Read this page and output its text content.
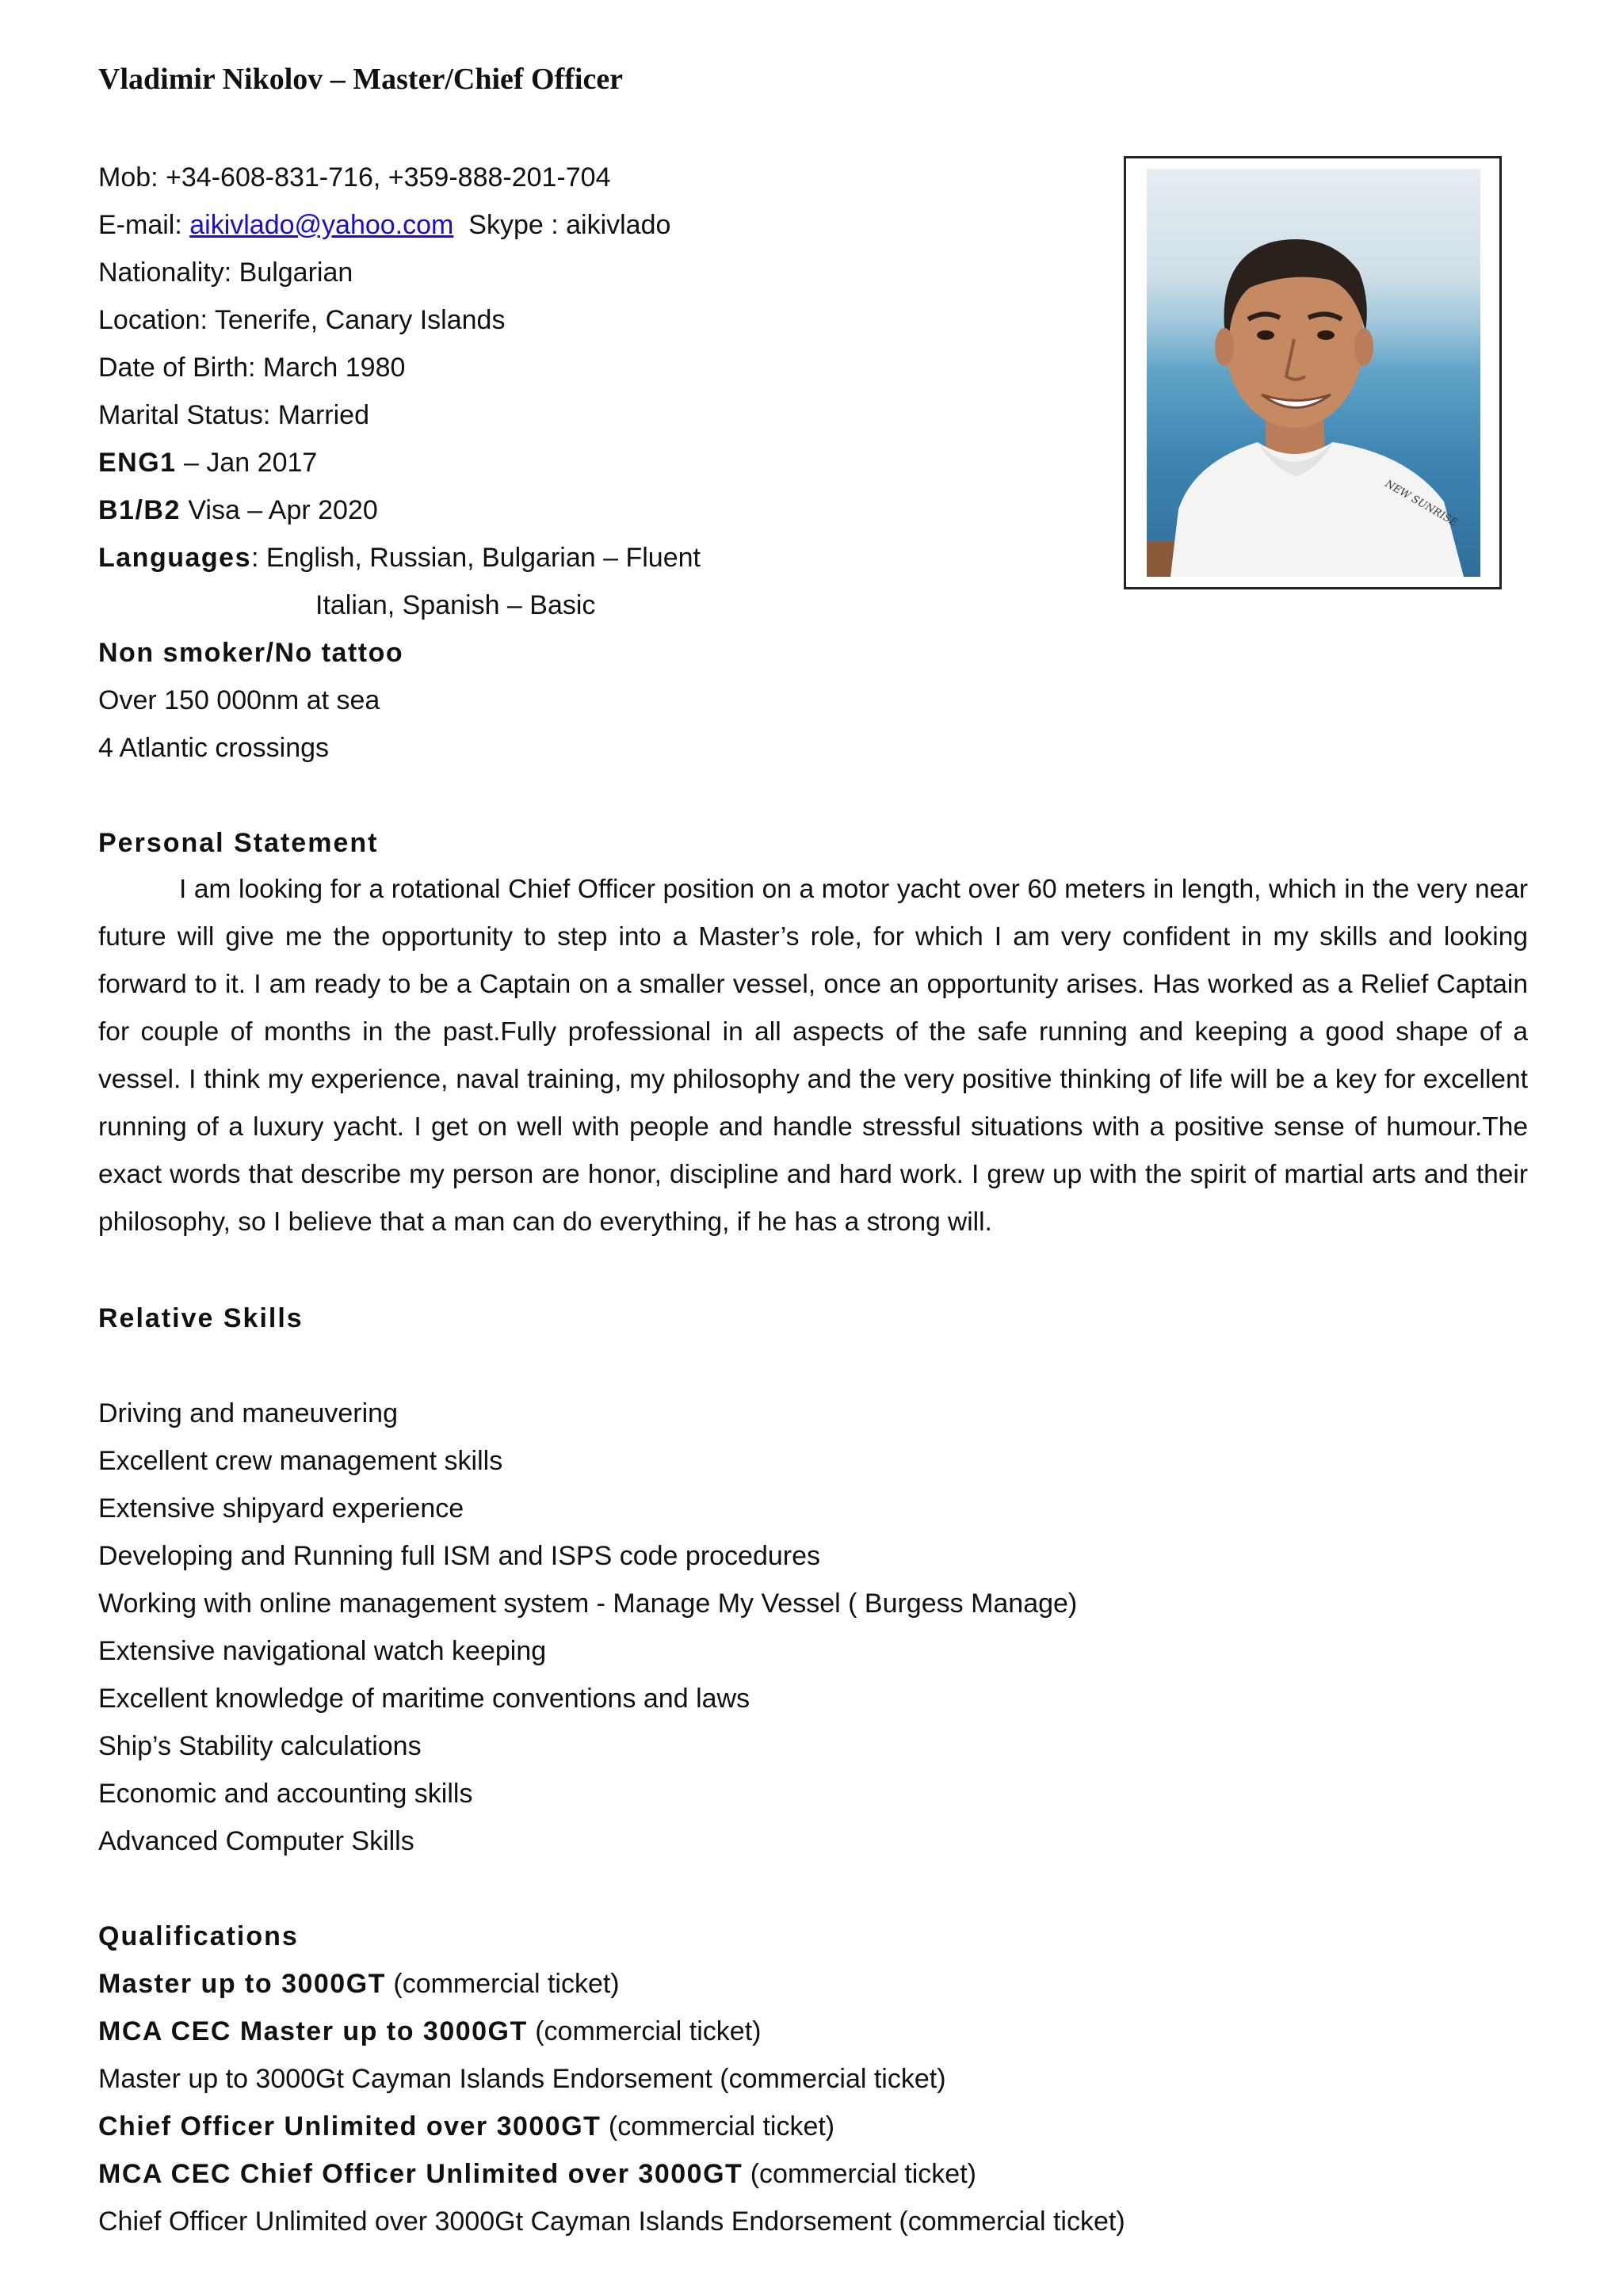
Vladimir Nikolov – Master/Chief Officer

Mob: +34-608-831-716, +359-888-201-704

E-mail: aikivlado@yahoo.com Skype : aikivlado

Nationality: Bulgarian

Location: Tenerife, Canary Islands

Date of Birth: March 1980

Marital Status: Married

ENG1 – Jan 2017

B1/B2 Visa – Apr 2020

Languages: English, Russian, Bulgarian – Fluent

Italian, Spanish – Basic

Non smoker/No tattoo

Over 150 000nm at sea

4 Atlantic crossings

NEW SUNRISE

Personal Statement

I am looking for a rotational Chief Officer position on a motor yacht over 60 meters in length, which in the very near future will give me the opportunity to step into a Master’s role, for which I am very confident in my skills and looking forward to it. I am ready to be a Captain on a smaller vessel, once an opportunity arises. Has worked as a Relief Captain for couple of months in the past.Fully professional in all aspects of the safe running and keeping a good shape of a vessel. I think my experience, naval training, my philosophy and the very positive thinking of life will be a key for excellent running of a luxury yacht. I get on well with people and handle stressful situations with a positive sense of humour.The exact words that describe my person are honor, discipline and hard work. I grew up with the spirit of martial arts and their philosophy, so I believe that a man can do everything, if he has a strong will.

Relative Skills

Driving and maneuvering

Excellent crew management skills

Extensive shipyard experience

Developing and Running full ISM and ISPS code procedures

Working with online management system - Manage My Vessel ( Burgess Manage)

Extensive navigational watch keeping

Excellent knowledge of maritime conventions and laws

Ship’s Stability calculations

Economic and accounting skills

Advanced Computer Skills

Qualifications

Master up to 3000GT (commercial ticket)

MCA CEC Master up to 3000GT (commercial ticket)

Master up to 3000Gt Cayman Islands Endorsement (commercial ticket)

Chief Officer Unlimited over 3000GT (commercial ticket)

MCA CEC Chief Officer Unlimited over 3000GT (commercial ticket)

Chief Officer Unlimited over 3000Gt Cayman Islands Endorsement (commercial ticket)
